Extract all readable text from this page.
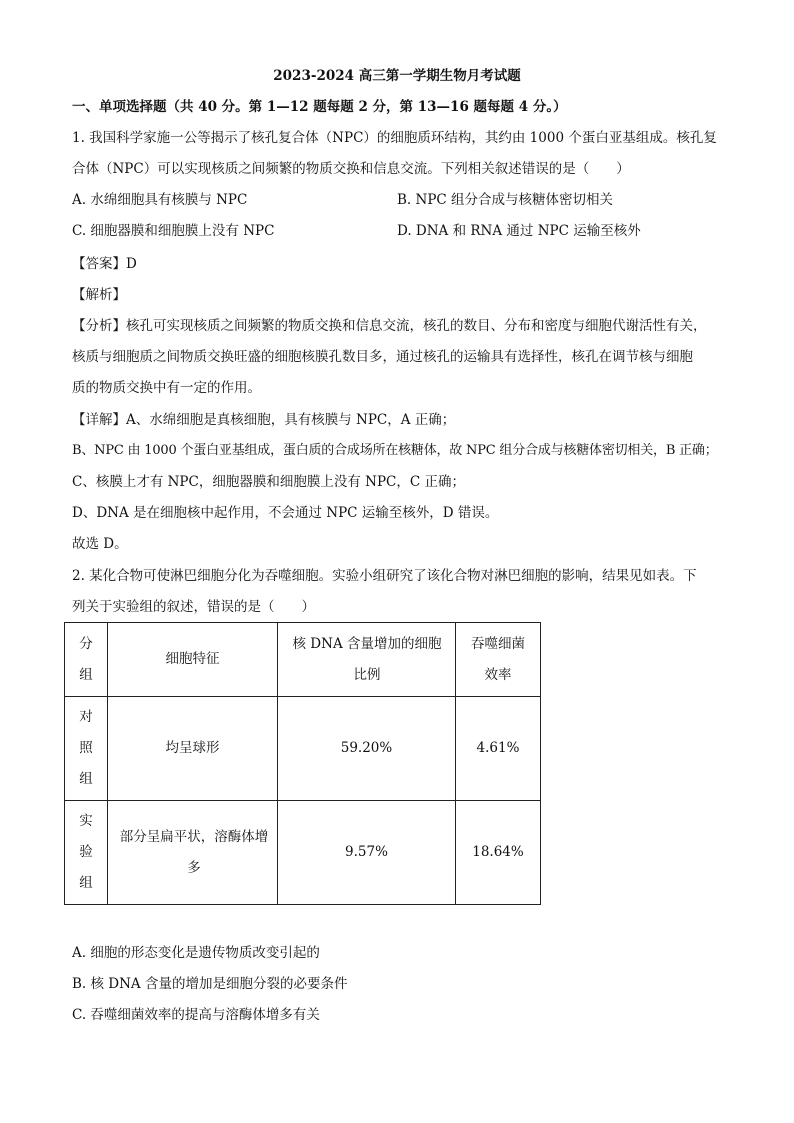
2023-2024 高三第一学期生物月考试题
一、单项选择题（共 40 分。第 1—12 题每题 2 分，第 13—16 题每题 4 分。）
1. 我国科学家施一公等揭示了核孔复合体（NPC）的细胞质环结构，其约由 1000 个蛋白亚基组成。核孔复
合体（NPC）可以实现核质之间频繁的物质交换和信息交流。下列相关叙述错误的是（　　）
A. 水绵细胞具有核膜与 NPC	B. NPC 组分合成与核糖体密切相关
C. 细胞器膜和细胞膜上没有 NPC	D. DNA 和 RNA 通过 NPC 运输至核外
【答案】D
【解析】
【分析】核孔可实现核质之间频繁的物质交换和信息交流，核孔的数目、分布和密度与细胞代谢活性有关，
核质与细胞质之间物质交换旺盛的细胞核膜孔数目多，通过核孔的运输具有选择性，核孔在调节核与细胞
质的物质交换中有一定的作用。
【详解】A、水绵细胞是真核细胞，具有核膜与 NPC，A 正确；
B、NPC 由 1000 个蛋白亚基组成，蛋白质的合成场所在核糖体，故 NPC 组分合成与核糖体密切相关，B 正确；
C、核膜上才有 NPC，细胞器膜和细胞膜上没有 NPC，C 正确；
D、DNA 是在细胞核中起作用，不会通过 NPC 运输至核外，D 错误。
故选 D。
2. 某化合物可使淋巴细胞分化为吞噬细胞。实验小组研究了该化合物对淋巴细胞的影响，结果见如表。下
列关于实验组的叙述，错误的是（　　）
分组	细胞特征	核 DNA 含量增加的细胞比例	吞噬细菌效率
对照组	均呈球形	59.20%	4.61%
实验组	部分呈扁平状，溶酶体增多	9.57%	18.64%
A. 细胞的形态变化是遗传物质改变引起的
B. 核 DNA 含量的增加是细胞分裂的必要条件
C. 吞噬细菌效率的提高与溶酶体增多有关
